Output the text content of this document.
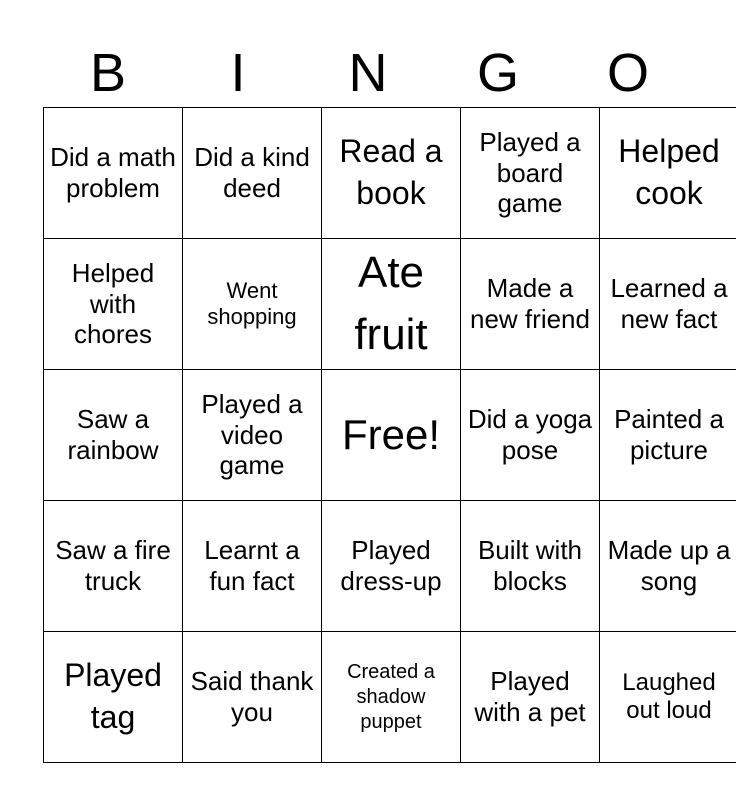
B	I	N	G	O
Did a math problem	Did a kind deed	Read a book	Played a board game	Helped cook
Helped with chores	Went shopping	Ate fruit	Made a new friend	Learned a new fact
Saw a rainbow	Played a video game	Free!	Did a yoga pose	Painted a picture
Saw a fire truck	Learnt a fun fact	Played dress-up	Built with blocks	Made up a song
Played tag	Said thank you	Created a shadow puppet	Played with a pet	Laughed out loud
